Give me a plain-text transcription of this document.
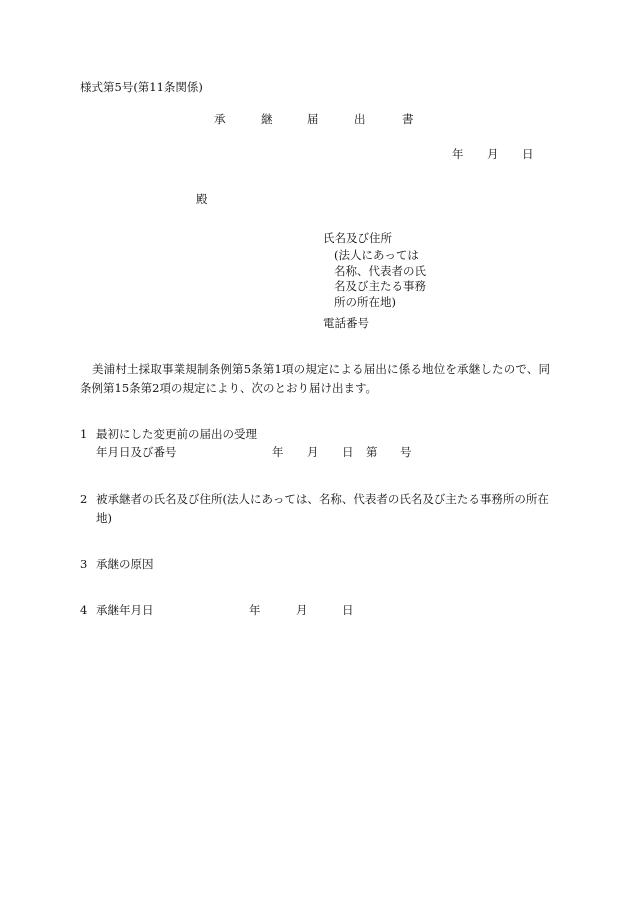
様式第5号(第11条関係)
承	継	届	出	書
年 月 日
殿
氏名及び住所
(法人にあっては
名称、代表者の氏
名及び主たる事務
所の所在地)
電話番号
美浦村土採取事業規制条例第5条第1項の規定による届出に係る地位を承継したので、同条例第15条第2項の規定により、次のとおり届け出ます。
1 最初にした変更前の届出の受理
年月日及び番号	年 月 日 第 号
2 被承継者の氏名及び住所(法人にあっては、名称、代表者の氏名及び主たる事務所の所在地)
3 承継の原因
4 承継年月日	年	月	日
